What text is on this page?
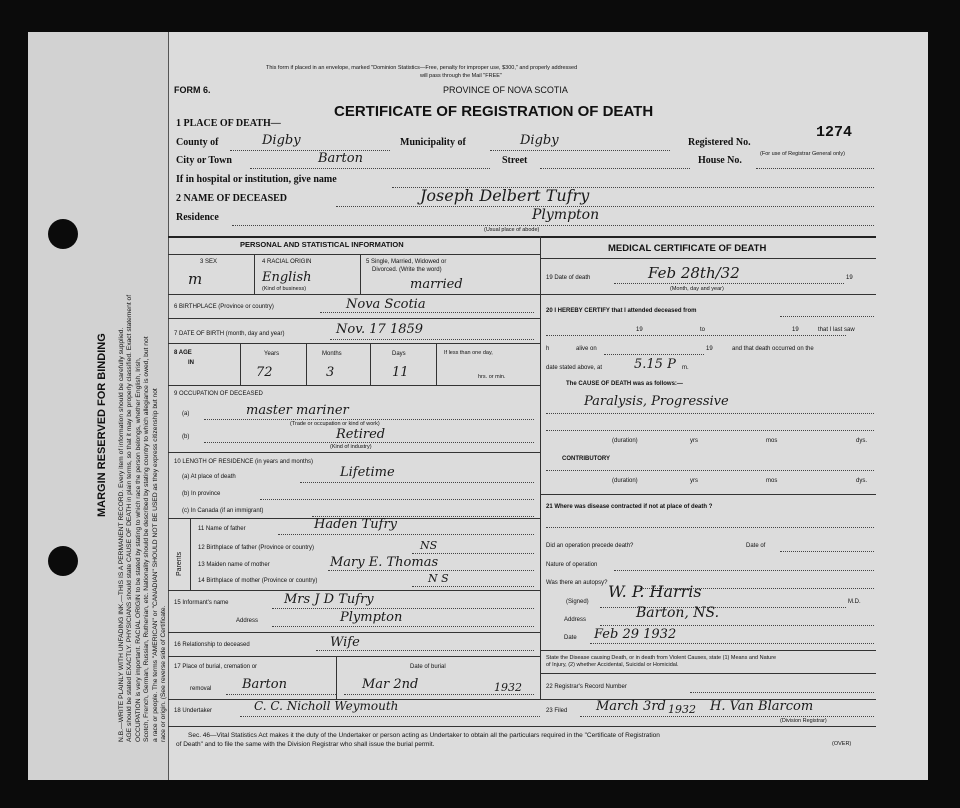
MARGIN RESERVED FOR BINDING N.B.—WRITE PLAINLY WITH UNFADING INK.—THIS IS A PERMANENT RECORD. Every item of information should be carefully supplied. AGE should be stated EXACTLY. PHYSICIANS should state CAUSE OF DEATH in plain terms, so that it may be properly classified. Exact statement of OCCUPATION is very important. RACIAL ORIGIN to be stated by stating to which race the person belongs, whether English, Irish, Scotch, French, German, Russian, Ruthenian, etc. Nationality should be described by stating country to which allegiance is owed, but not a race or people. The terms "AMERICAN" or "CANADIAN" SHOULD NOT BE USED as they express citizenship but not race or origin. (See reverse side of Certificate.
This form if placed in an envelope, marked "Dominion Statistics—Free, penalty for improper use, $300," and properly addressed
will pass through the Mail "FREE"
FORM 6.	PROVINCE OF NOVA SCOTIA
CERTIFICATE OF REGISTRATION OF DEATH
1 PLACE OF DEATH—
County of	Digby	Municipality of	Digby	Registered No.
1274
(For use of Registrar General only)
City or Town	Barton	Street	House No.
If in hospital or institution, give name
2 NAME OF DECEASED	Joseph Delbert Tufry
Residence	Plympton
(Usual place of abode)
PERSONAL AND STATISTICAL INFORMATION	MEDICAL CERTIFICATE OF DEATH
3 SEX
m
4 RACIAL ORIGIN
English
(Kind of business)
5 Single, Married, Widowed or
Divorced. (Write the word)
married
6 BIRTHPLACE (Province or country)	Nova Scotia
7 DATE OF BIRTH (month, day and year)	Nov. 17 1859
8 AGE
IN
Years	Months	Days
72	3	11
If less than one day,
hrs. or min.
9 OCCUPATION OF DECEASED
(a)	master mariner
(Trade or occupation or kind of work)
(b)	Retired
(Kind of industry)
10 LENGTH OF RESIDENCE (in years and months)
(a) At place of death	Lifetime
(b) In province
(c) In Canada (if an immigrant)
Parents
11 Name of father	Haden Tufry
12 Birthplace of father (Province or country)	NS
13 Maiden name of mother	Mary E. Thomas
14 Birthplace of mother (Province or country)	N S
15 Informant's name	Mrs J D Tufry
Address	Plympton
16 Relationship to deceased	Wife
17 Place of burial, cremation or
removal Barton
Date of burial
Mar 2nd	1932
18 Undertaker	C. C. Nicholl Weymouth
19 Date of death	Feb 28th/32	19
(Month, day and year)
20 I HEREBY CERTIFY that I attended deceased from
19	to	19	that I last saw
h	alive on	19	and that death occurred on the
date stated above, at 5.15 P m.
The CAUSE OF DEATH was as follows:—
Paralysis, Progressive
(duration)	yrs	mos	dys.
CONTRIBUTORY
(duration)	yrs	mos	dys.
21 Where was disease contracted if not at place of death ?
Did an operation precede death?	Date of
Nature of operation
Was there an autopsy?
(Signed)
W. P. Harris
M.D.
Address	Barton, NS.
Date Feb 29 1932
State the Disease causing Death, or in death from Violent Causes, state (1) Means and Nature
of Injury, (2) whether Accidental, Suicidal or Homicidal.
22 Registrar's Record Number
23 Filed March 3rd 1932 H. Van Blarcom
(Division Registrar)
Sec. 46—Vital Statistics Act makes it the duty of the Undertaker or person acting as Undertaker to obtain all the particulars required in the "Certificate of Registration
of Death" and to file the same with the Division Registrar who shall issue the burial permit.	(OVER)
